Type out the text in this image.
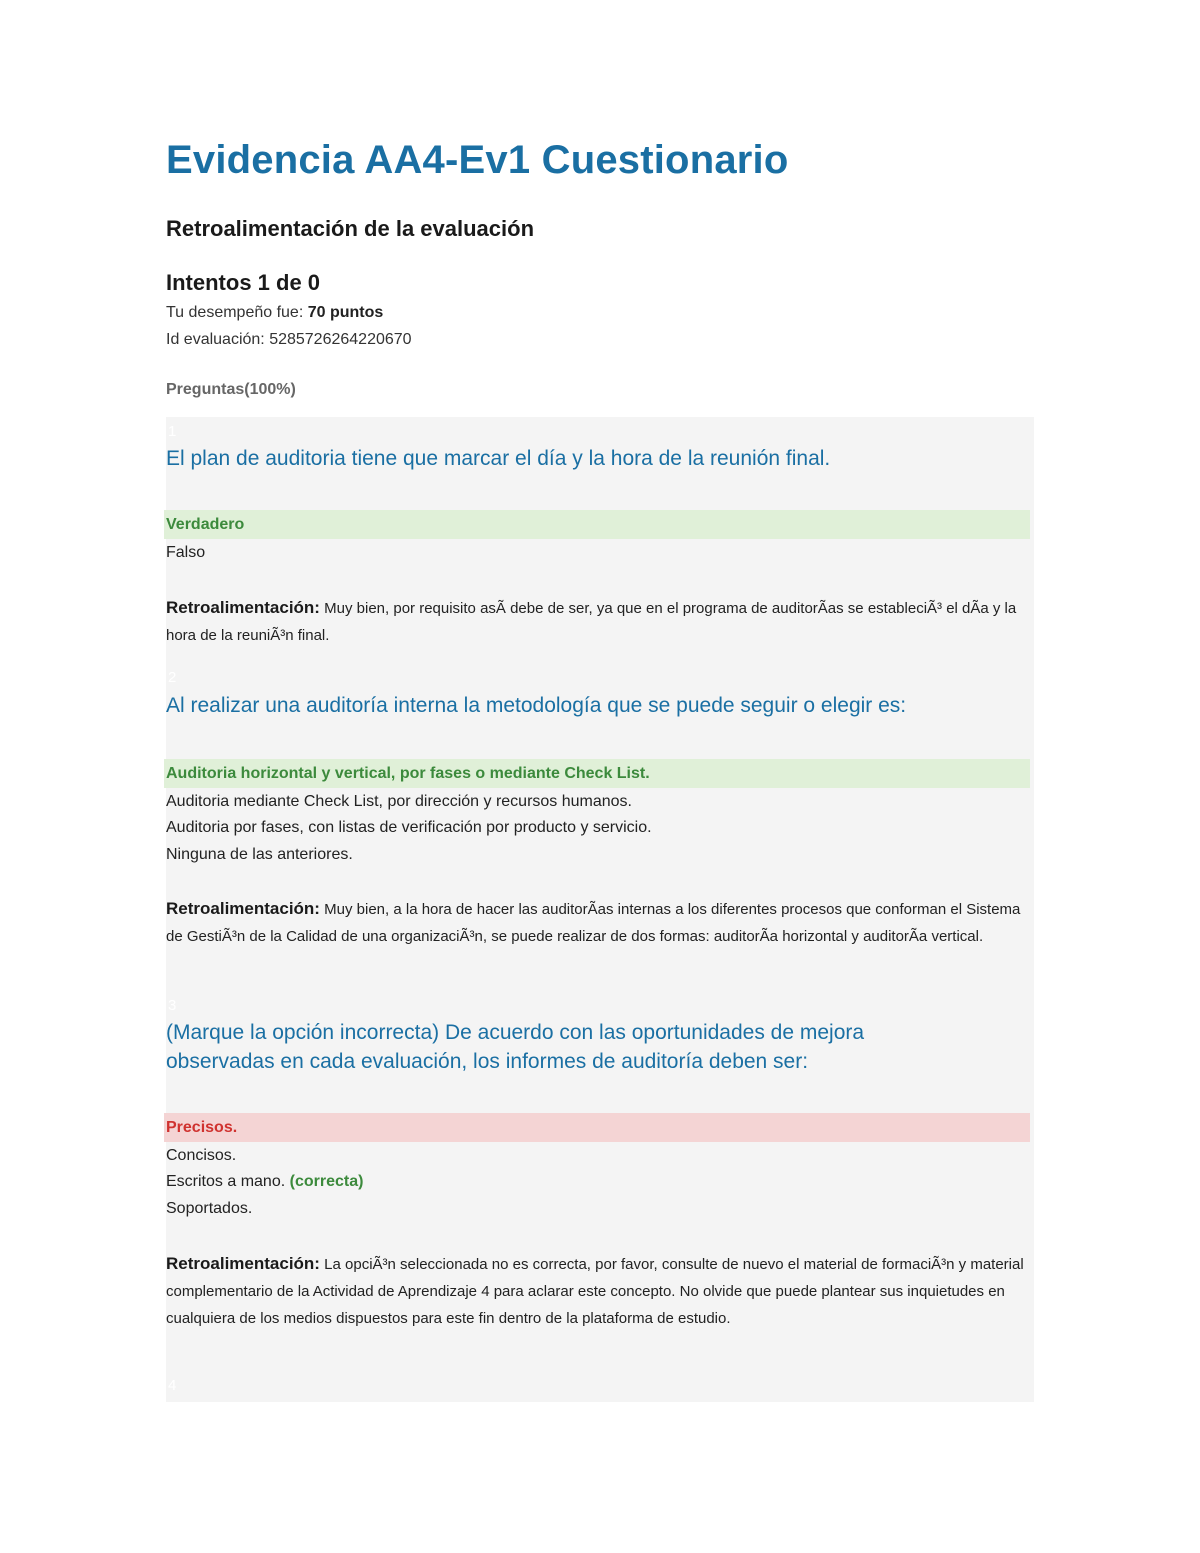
Evidencia AA4-Ev1 Cuestionario
Retroalimentación de la evaluación
Intentos 1 de 0
Tu desempeño fue: 70 puntos
Id evaluación: 5285726264220670
Preguntas(100%)
1
El plan de auditoria tiene que marcar el día y la hora de la reunión final.
Verdadero
Falso
Retroalimentación: Muy bien, por requisito asÃ debe de ser, ya que en el programa de auditorÃas se estableciÃ³ el dÃa y la hora de la reuniÃ³n final.
2
Al realizar una auditoría interna la metodología que se puede seguir o elegir es:
Auditoria horizontal y vertical, por fases o mediante Check List.
Auditoria mediante Check List, por dirección y recursos humanos.
Auditoria por fases, con listas de verificación por producto y servicio.
Ninguna de las anteriores.
Retroalimentación: Muy bien, a la hora de hacer las auditorÃas internas a los diferentes procesos que conforman el Sistema de GestiÃ³n de la Calidad de una organizaciÃ³n, se puede realizar de dos formas: auditorÃa horizontal y auditorÃa vertical.
3
(Marque la opción incorrecta) De acuerdo con las oportunidades de mejora observadas en cada evaluación, los informes de auditoría deben ser:
Precisos.
Concisos.
Escritos a mano. (correcta)
Soportados.
Retroalimentación: La opciÃ³n seleccionada no es correcta, por favor, consulte de nuevo el material de formaciÃ³n y material complementario de la Actividad de Aprendizaje 4 para aclarar este concepto. No olvide que puede plantear sus inquietudes en cualquiera de los medios dispuestos para este fin dentro de la plataforma de estudio.
4
